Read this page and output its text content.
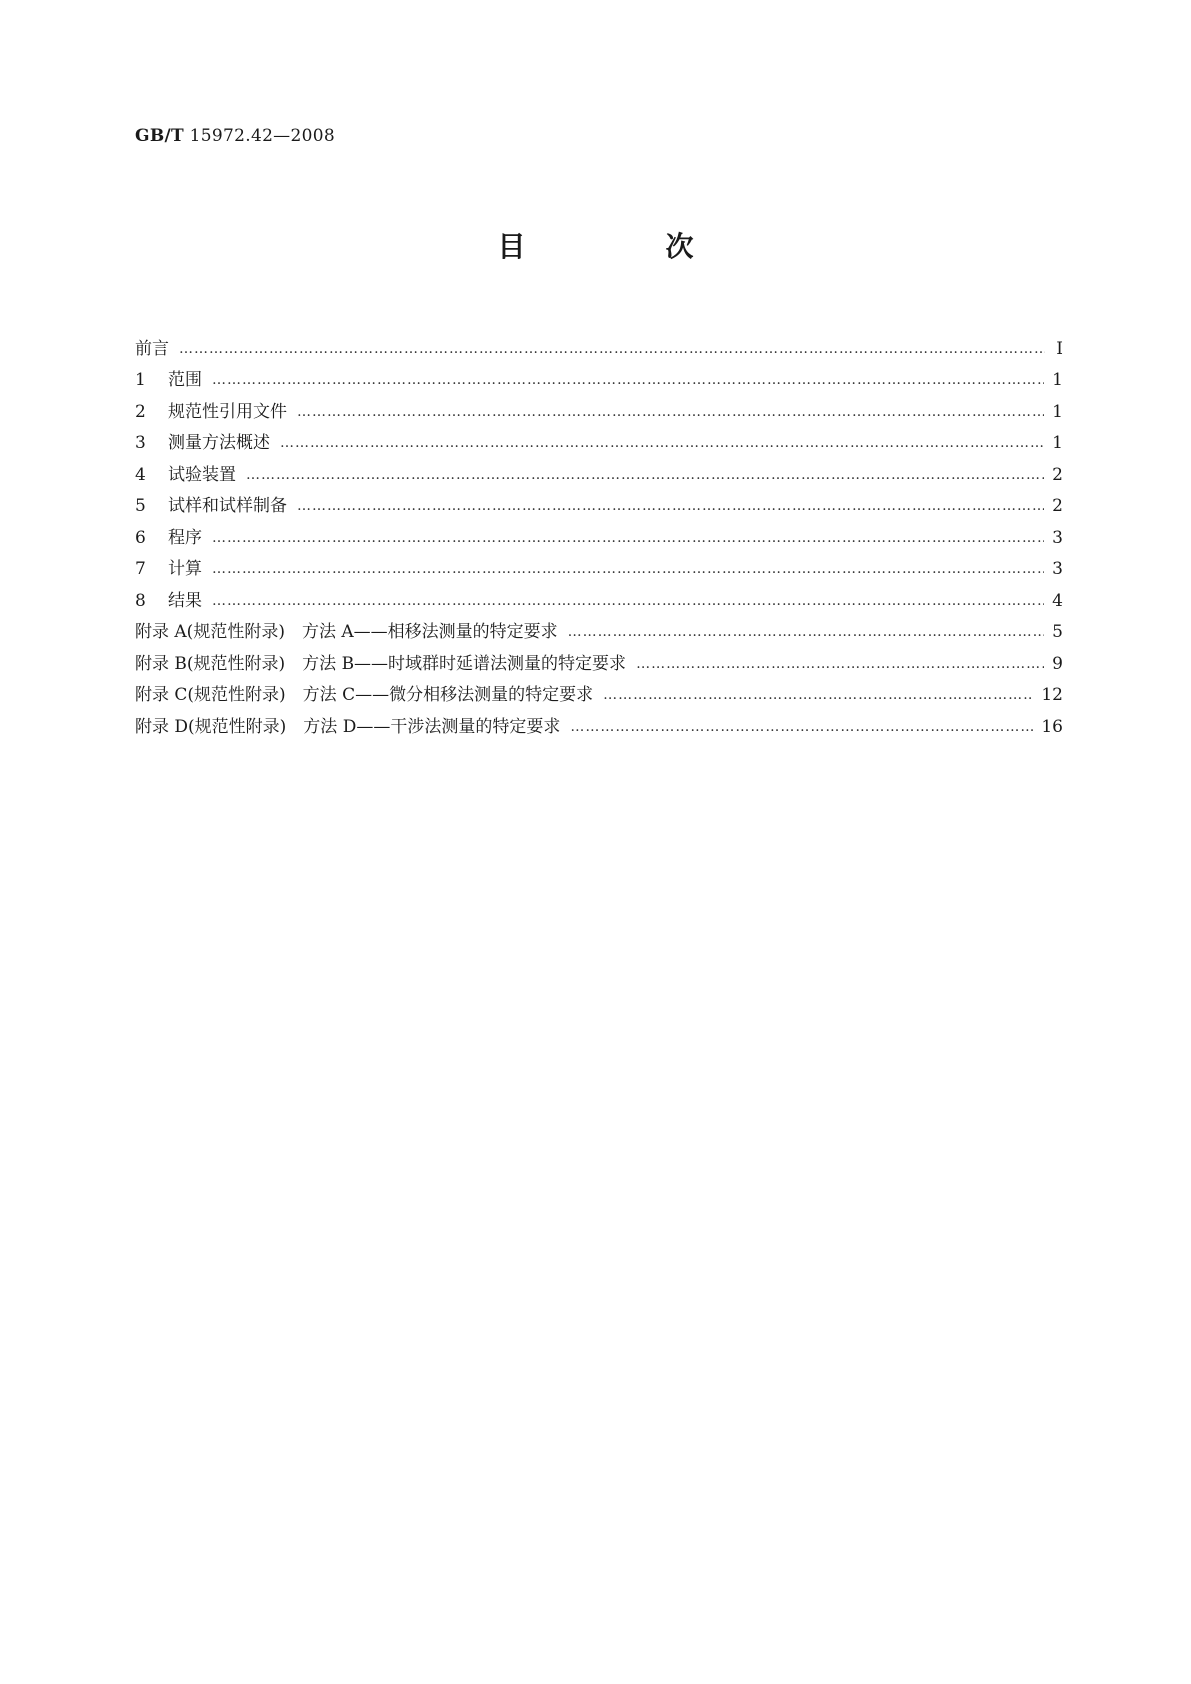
GB/T 15972.42—2008
目　次
前言 …………………………………………………………………………………………………………………………………………………………………………………………	Ⅰ
1 范围 …………………………………………………………………………………………………………………………………………………………………………………………	1
2 规范性引用文件 …………………………………………………………………………………………………………………………………………………………………………………………	1
3 测量方法概述 …………………………………………………………………………………………………………………………………………………………………………………………	1
4 试验装置 …………………………………………………………………………………………………………………………………………………………………………………………	2
5 试样和试样制备 …………………………………………………………………………………………………………………………………………………………………………………………	2
6 程序 …………………………………………………………………………………………………………………………………………………………………………………………	3
7 计算 …………………………………………………………………………………………………………………………………………………………………………………………	3
8 结果 …………………………………………………………………………………………………………………………………………………………………………………………	4
附录 A(规范性附录)　方法 A——相移法测量的特定要求 …………………………………………………………………………………………………………………………………………………………………………………………	5
附录 B(规范性附录)　方法 B——时域群时延谱法测量的特定要求 …………………………………………………………………………………………………………………………………………………………………………………………	9
附录 C(规范性附录)　方法 C——微分相移法测量的特定要求 …………………………………………………………………………………………………………………………………………………………………………………………	12
附录 D(规范性附录)　方法 D——干涉法测量的特定要求 …………………………………………………………………………………………………………………………………………………………………………………………	16
